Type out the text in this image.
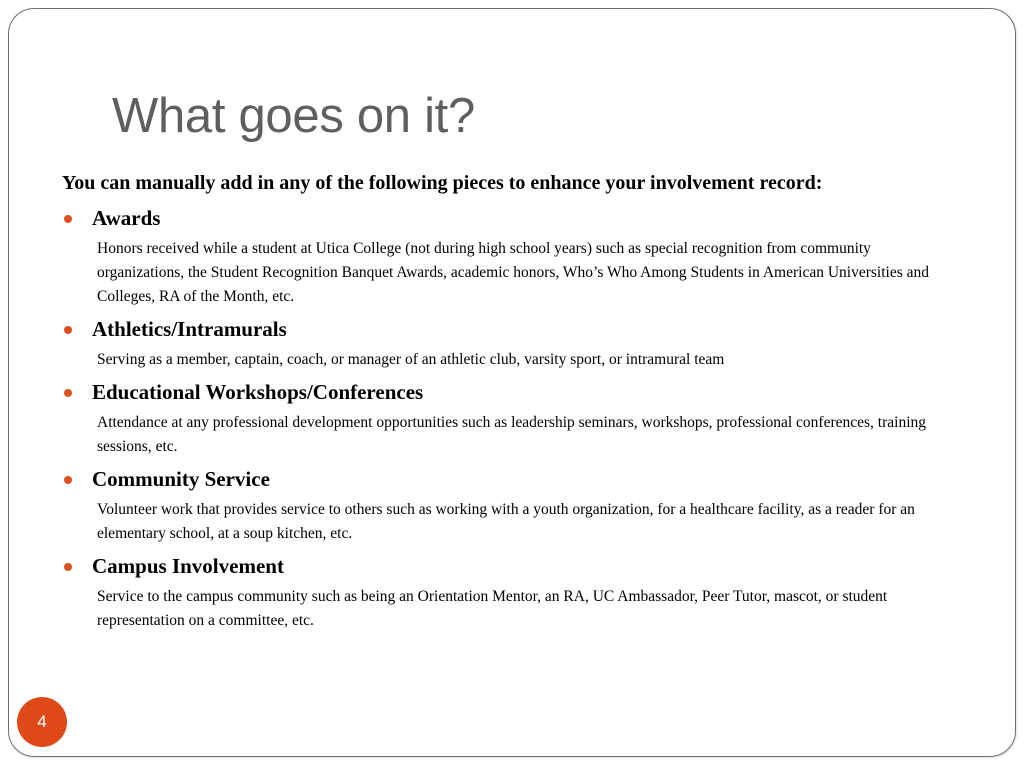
What goes on it?

You can manually add in any of the following pieces to enhance your involvement record:

Awards

Honors received while a student at Utica College (not during high school years) such as special recognition from community organizations, the Student Recognition Banquet Awards, academic honors, Who’s Who Among Students in American Universities and Colleges, RA of the Month, etc.

Athletics/Intramurals

Serving as a member, captain, coach, or manager of an athletic club, varsity sport, or intramural team

Educational Workshops/Conferences

Attendance at any professional development opportunities such as leadership seminars, workshops, professional conferences, training sessions, etc.

Community Service

Volunteer work that provides service to others such as working with a youth organization, for a healthcare facility, as a reader for an elementary school, at a soup kitchen, etc.

Campus Involvement

Service to the campus community such as being an Orientation Mentor, an RA, UC Ambassador, Peer Tutor, mascot, or student representation on a committee, etc.

4
